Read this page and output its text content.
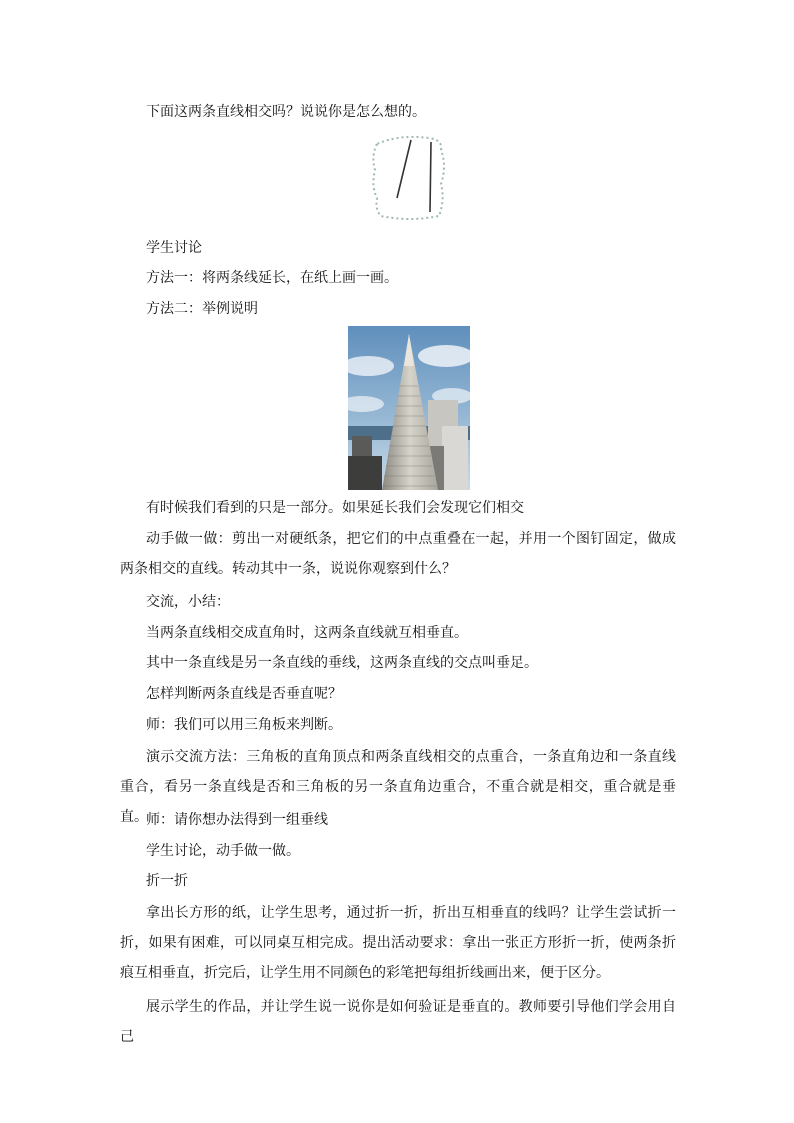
下面这两条直线相交吗？说说你是怎么想的。
学生讨论
方法一：将两条线延长，在纸上画一画。
方法二：举例说明
有时候我们看到的只是一部分。如果延长我们会发现它们相交
动手做一做：剪出一对硬纸条，把它们的中点重叠在一起，并用一个图钉固定，做成两条相交的直线。转动其中一条，说说你观察到什么？
交流，小结：
当两条直线相交成直角时，这两条直线就互相垂直。
其中一条直线是另一条直线的垂线，这两条直线的交点叫垂足。
怎样判断两条直线是否垂直呢？
师：我们可以用三角板来判断。
演示交流方法：三角板的直角顶点和两条直线相交的点重合，一条直角边和一条直线重合，看另一条直线是否和三角板的另一条直角边重合，不重合就是相交，重合就是垂直。
师：请你想办法得到一组垂线
学生讨论，动手做一做。
折一折
拿出长方形的纸，让学生思考，通过折一折，折出互相垂直的线吗？让学生尝试折一折，如果有困难，可以同桌互相完成。提出活动要求：拿出一张正方形折一折，使两条折痕互相垂直，折完后，让学生用不同颜色的彩笔把每组折线画出来，便于区分。
展示学生的作品，并让学生说一说你是如何验证是垂直的。教师要引导他们学会用自己
